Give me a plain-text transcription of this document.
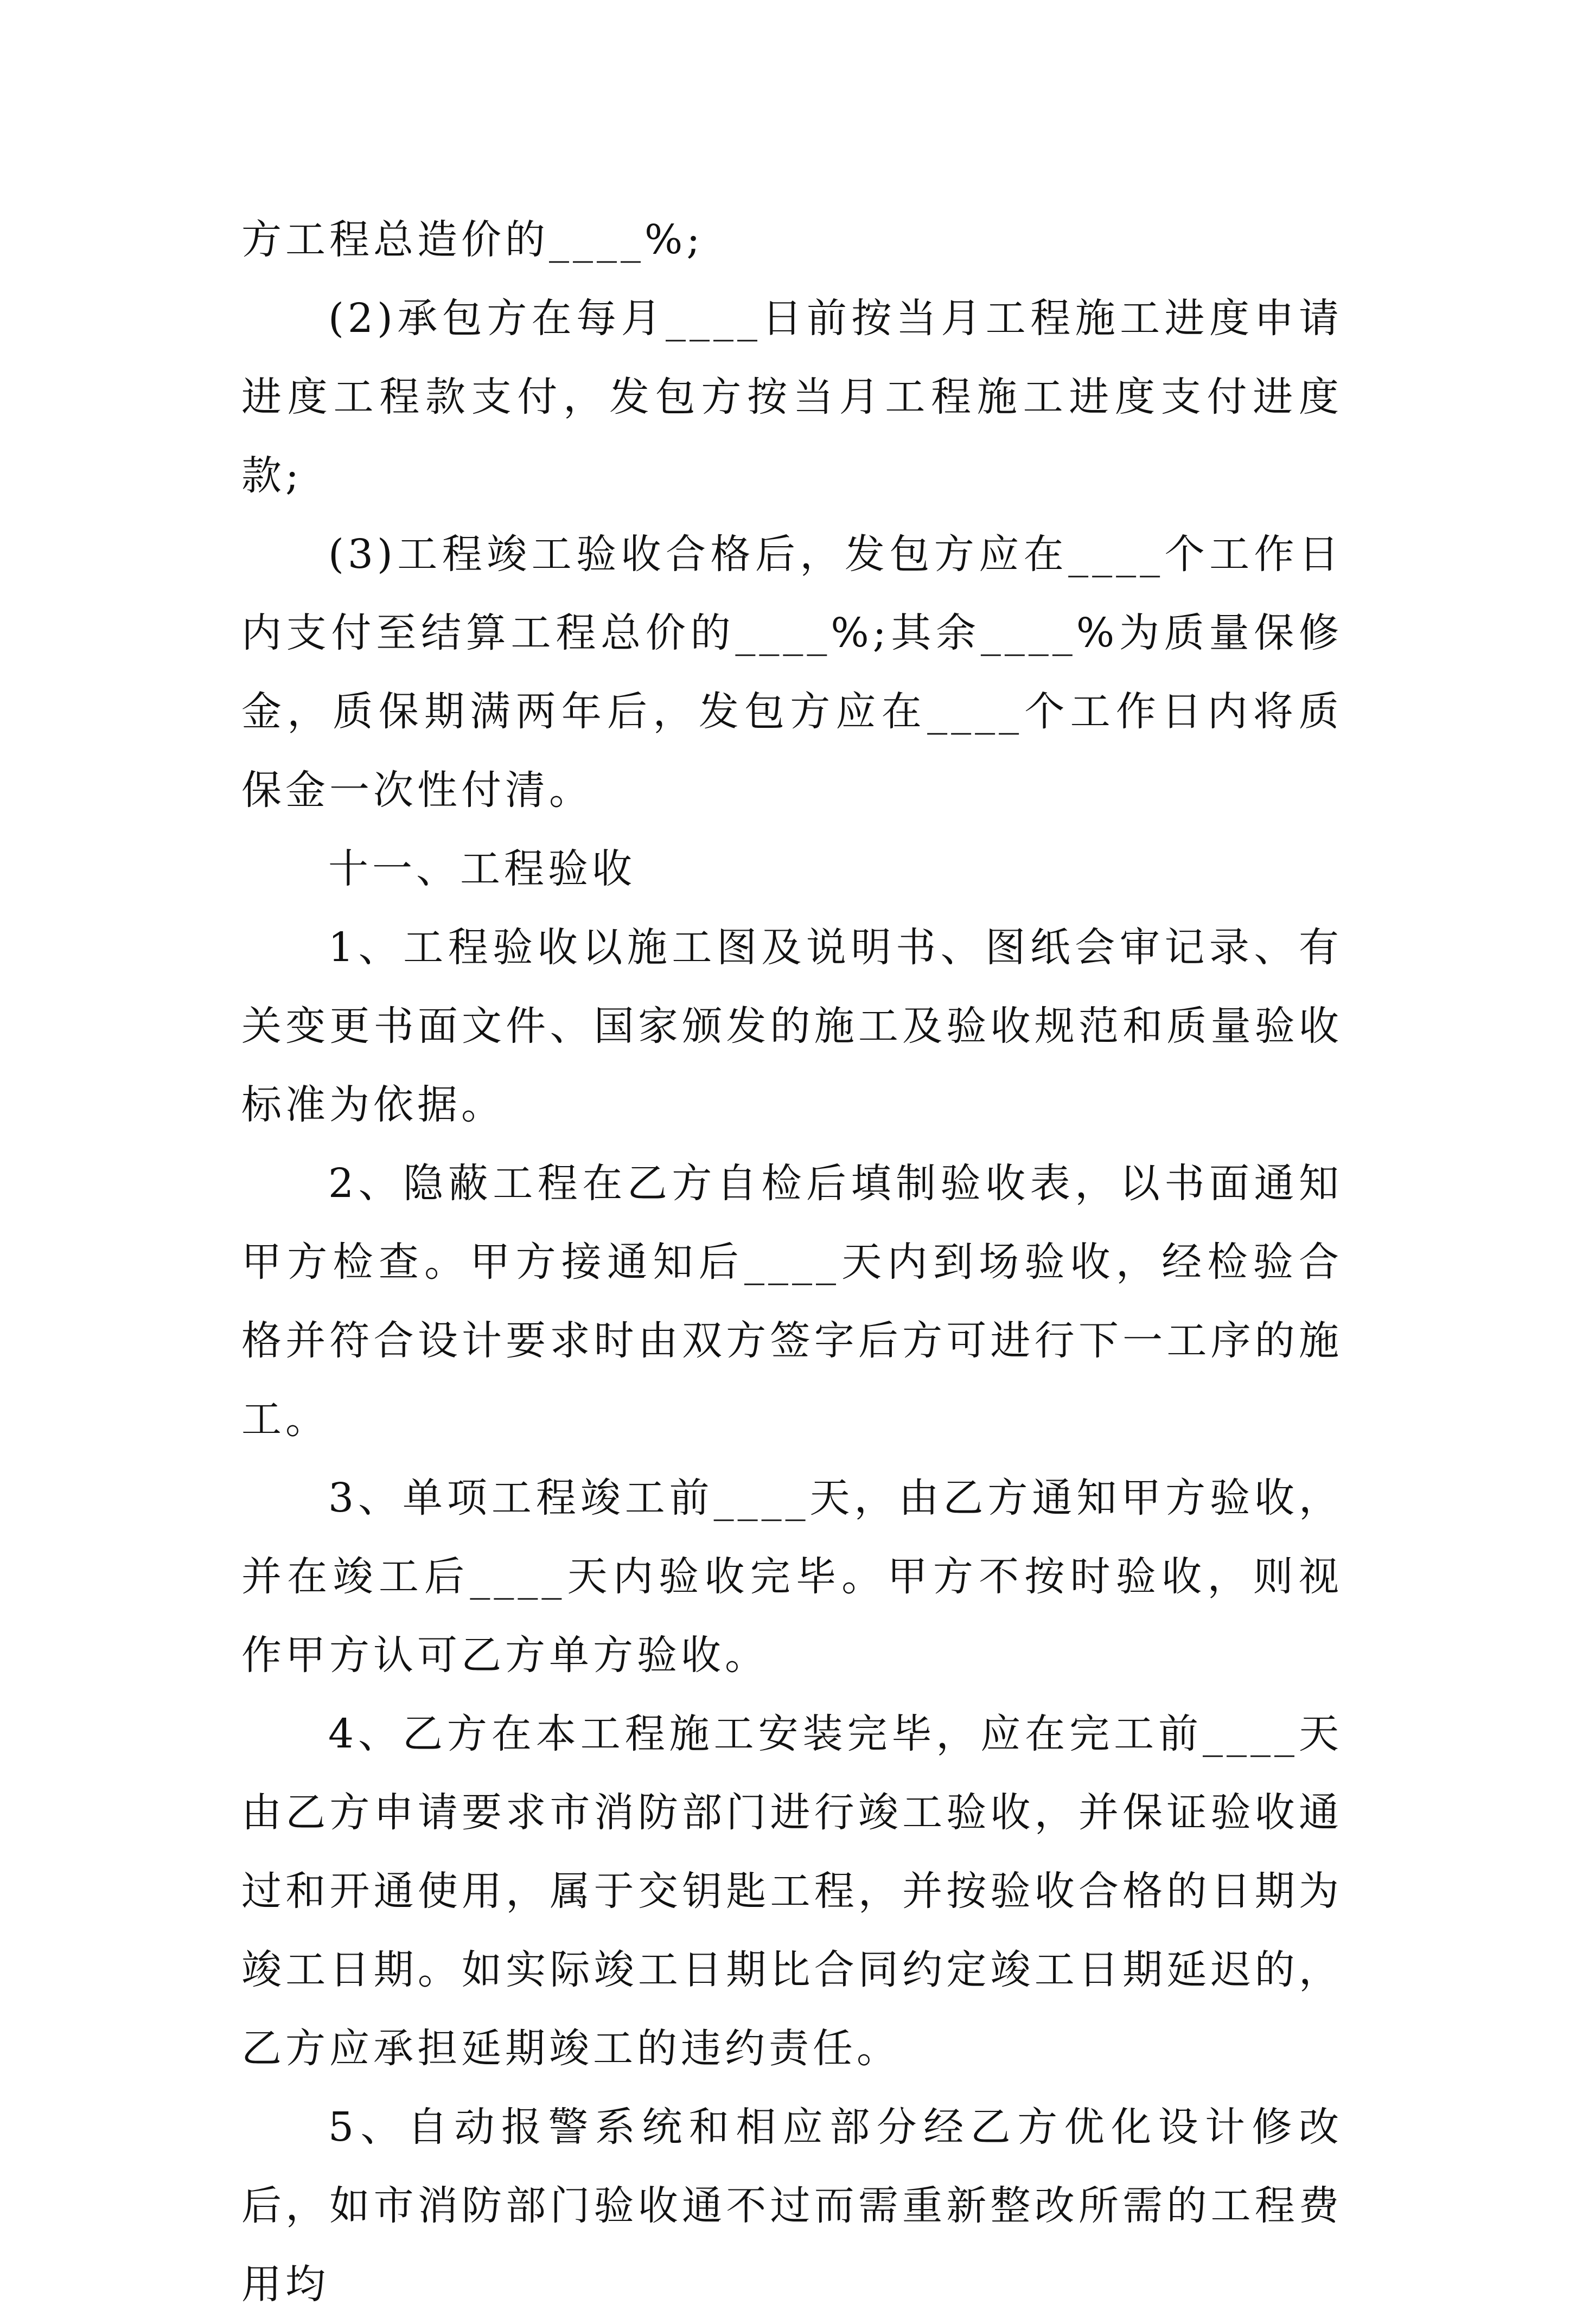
方工程总造价的____%;

(2)承包方在每月____日前按当月工程施工进度申请进度工程款支付，发包方按当月工程施工进度支付进度款;

(3)工程竣工验收合格后，发包方应在____个工作日内支付至结算工程总价的____%;其余____%为质量保修金，质保期满两年后，发包方应在____个工作日内将质保金一次性付清。

十一、工程验收

1、工程验收以施工图及说明书、图纸会审记录、有关变更书面文件、国家颁发的施工及验收规范和质量验收标准为依据。

2、隐蔽工程在乙方自检后填制验收表，以书面通知甲方检查。甲方接通知后____天内到场验收，经检验合格并符合设计要求时由双方签字后方可进行下一工序的施工。

3、单项工程竣工前____天，由乙方通知甲方验收，并在竣工后____天内验收完毕。甲方不按时验收，则视作甲方认可乙方单方验收。

4、乙方在本工程施工安装完毕，应在完工前____天由乙方申请要求市消防部门进行竣工验收，并保证验收通过和开通使用，属于交钥匙工程，并按验收合格的日期为竣工日期。如实际竣工日期比合同约定竣工日期延迟的，乙方应承担延期竣工的违约责任。

5、自动报警系统和相应部分经乙方优化设计修改后，如市消防部门验收通不过而需重新整改所需的工程费用均
